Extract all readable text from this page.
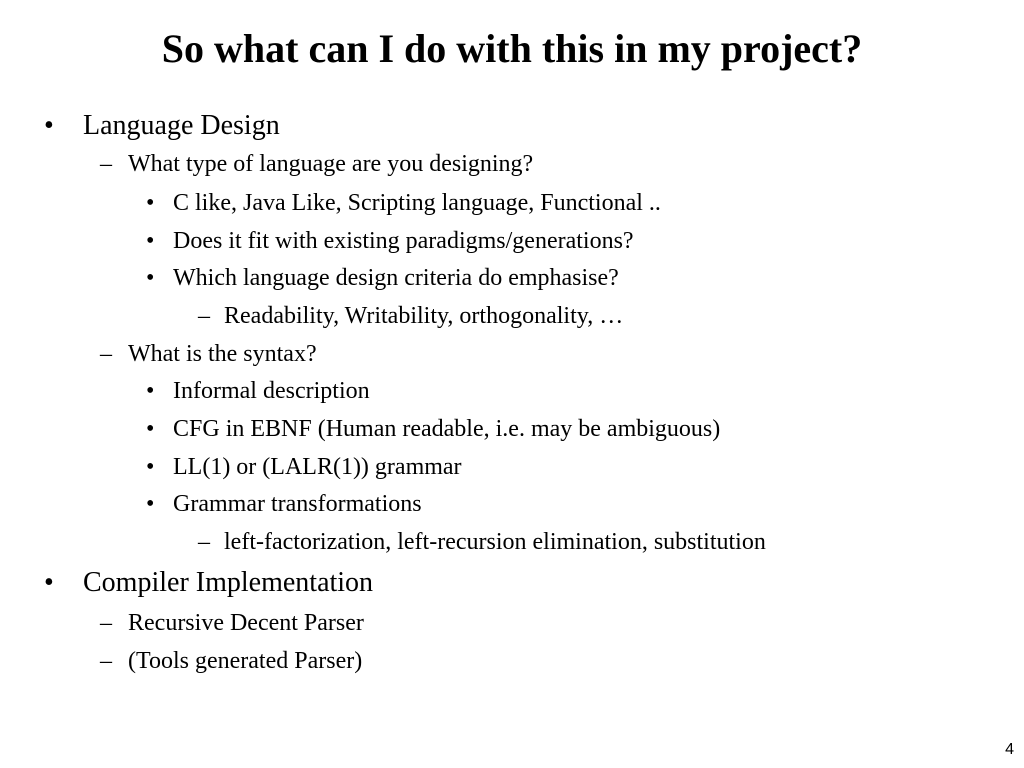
So what can I do with this in my project?
•	Language Design
– What type of language are you designing?
• C like, Java Like, Scripting language, Functional ..
• Does it fit with existing paradigms/generations?
• Which language design criteria do emphasise?
– Readability, Writability, orthogonality, …
– What is the syntax?
• Informal description
• CFG in EBNF (Human readable, i.e. may be ambiguous)
• LL(1) or (LALR(1)) grammar
• Grammar transformations
– left-factorization, left-recursion elimination, substitution
•	Compiler Implementation
– Recursive Decent Parser
– (Tools generated Parser)
4
